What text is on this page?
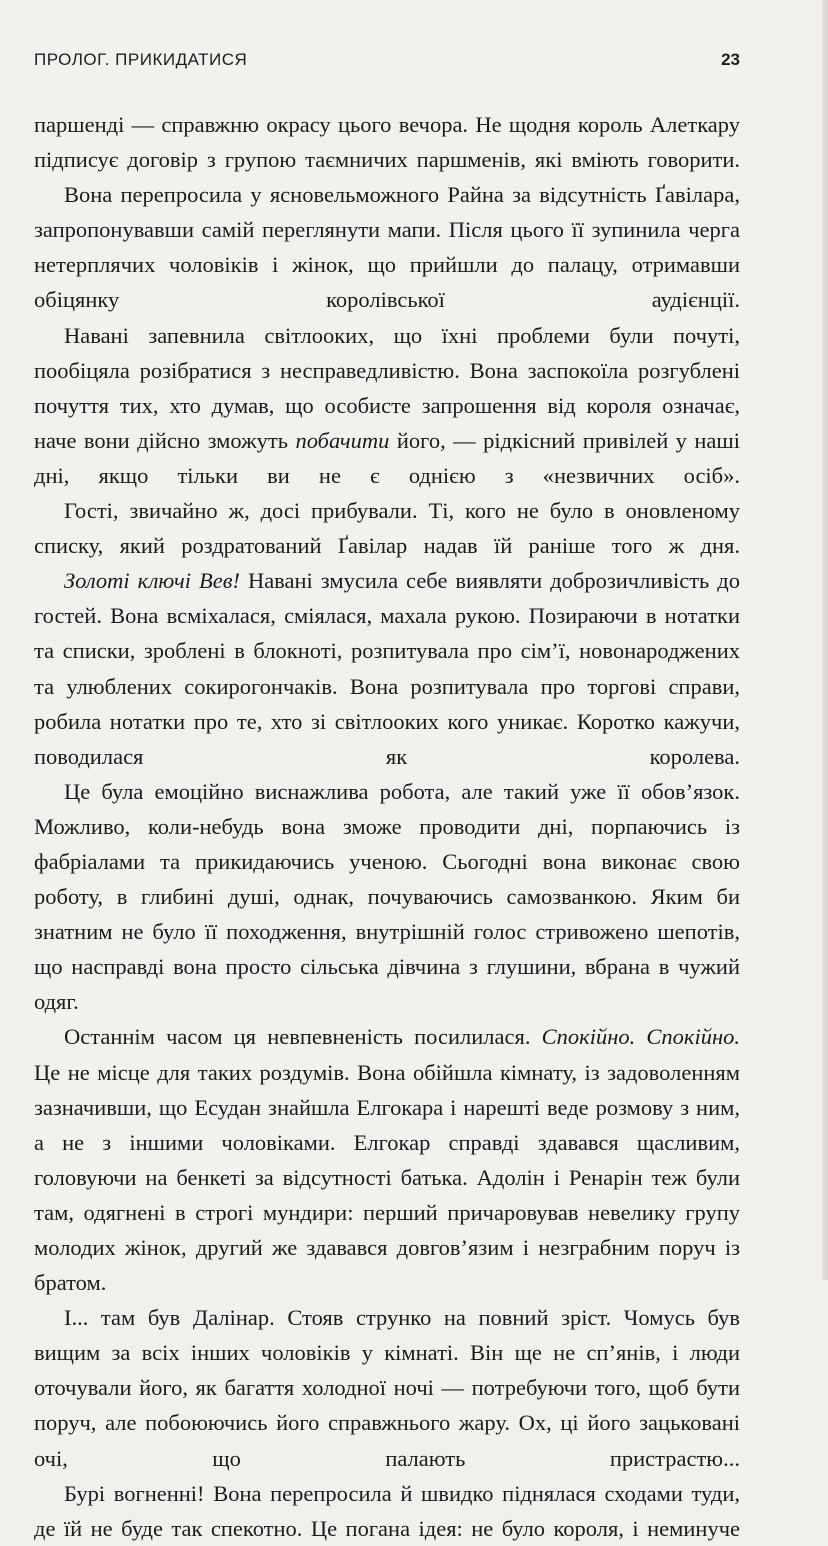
ПРОЛОГ. ПРИКИДАТИСЯ	23

паршенді — справжню окрасу цього вечора. Не щодня король Алеткару підписує договір з групою таємничих паршменів, які вміють говорити.

Вона перепросила у ясновельможного Райна за відсутність Ґавілара, запропонувавши самій переглянути мапи. Після цього її зупинила черга нетерплячих чоловіків і жінок, що прийшли до палацу, отримавши обіцянку королівської аудієнції.

Навані запевнила світлооких, що їхні проблеми були почуті, пообіцяла розібратися з несправедливістю. Вона заспокоїла розгублені почуття тих, хто думав, що особисте запрошення від короля означає, наче вони дійсно зможуть побачити його, — рідкісний привілей у наші дні, якщо тільки ви не є однією з «незвичних осіб».

Гості, звичайно ж, досі прибували. Ті, кого не було в оновленому списку, який роздратований Ґавілар надав їй раніше того ж дня.

Золоті ключі Вев! Навані змусила себе виявляти доброзичливість до гостей. Вона всміхалася, сміялася, махала рукою. Позираючи в нотатки та списки, зроблені в блокноті, розпитувала про сім’ї, новонароджених та улюблених сокирогончаків. Вона розпитувала про торгові справи, робила нотатки про те, хто зі світлооких кого уникає. Коротко кажучи, поводилася як королева.

Це була емоційно виснажлива робота, але такий уже її обов’язок. Можливо, коли-небудь вона зможе проводити дні, порпаючись із фабріалами та прикидаючись ученою. Сьогодні вона виконає свою роботу, в глибині душі, однак, почуваючись самозванкою. Яким би знатним не було її походження, внутрішній голос стривожено шепотів, що насправді вона просто сільська дівчина з глушини, вбрана в чужий одяг.

Останнім часом ця невпевненість посилилася. Спокійно. Спокійно. Це не місце для таких роздумів. Вона обійшла кімнату, із задоволенням зазначивши, що Есудан знайшла Елгокара і нарешті веде розмову з ним, а не з іншими чоловіками. Елгокар справді здавався щасливим, головуючи на бенкеті за відсутності батька. Адолін і Ренарін теж були там, одягнені в строгі мундири: перший причаровував невелику групу молодих жінок, другий же здавався довгов’язим і незграбним поруч із братом.

І... там був Далінар. Стояв струнко на повний зріст. Чомусь був вищим за всіх інших чоловіків у кімнаті. Він ще не сп’янів, і люди оточували його, як багаття холодної ночі — потребуючи того, щоб бути поруч, але побоюючись його справжнього жару. Ох, ці його зацьковані очі, що палають пристрастю...

Бурі вогненні! Вона перепросила й швидко піднялася сходами туди, де їй не буде так спекотно. Це погана ідея: не було короля, і неминуче
